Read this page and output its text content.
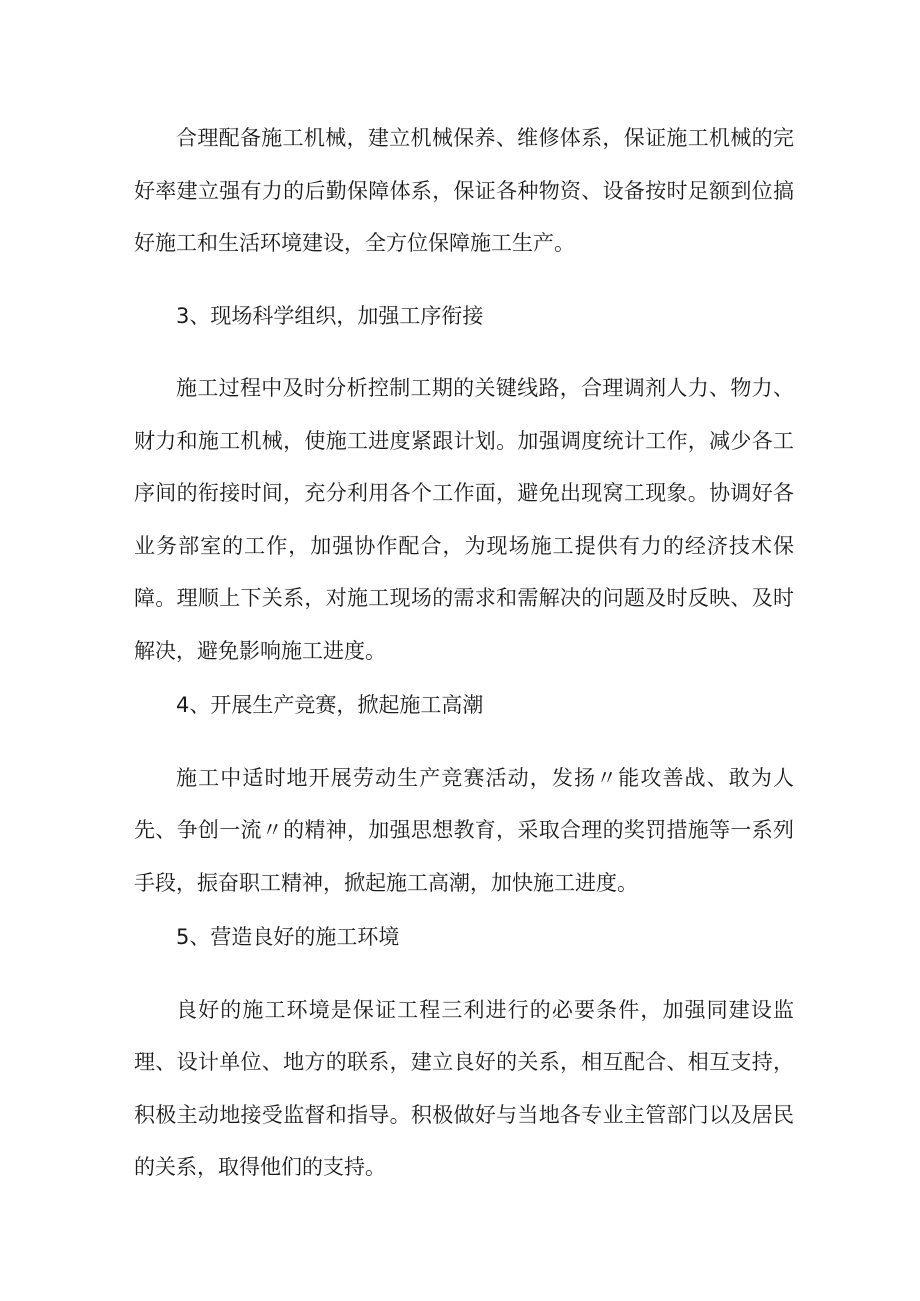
合理配备施工机械，建立机械保养、维修体系，保证施工机械的完好率建立强有力的后勤保障体系，保证各种物资、设备按时足额到位搞好施工和生活环境建设，全方位保障施工生产。

3、现场科学组织，加强工序衔接

施工过程中及时分析控制工期的关键线路，合理调剂人力、物力、财力和施工机械，使施工进度紧跟计划。加强调度统计工作，减少各工序间的衔接时间，充分利用各个工作面，避免出现窝工现象。协调好各业务部室的工作，加强协作配合，为现场施工提供有力的经济技术保障。理顺上下关系，对施工现场的需求和需解决的问题及时反映、及时解决，避免影响施工进度。

4、开展生产竞赛，掀起施工高潮

施工中适时地开展劳动生产竞赛活动，发扬〃能攻善战、敢为人先、争创一流〃的精神，加强思想教育，采取合理的奖罚措施等一系列手段，振奋职工精神，掀起施工高潮，加快施工进度。

5、营造良好的施工环境

良好的施工环境是保证工程三利进行的必要条件，加强同建设监理、设计单位、地方的联系，建立良好的关系，相互配合、相互支持，积极主动地接受监督和指导。积极做好与当地各专业主管部门以及居民的关系，取得他们的支持。
